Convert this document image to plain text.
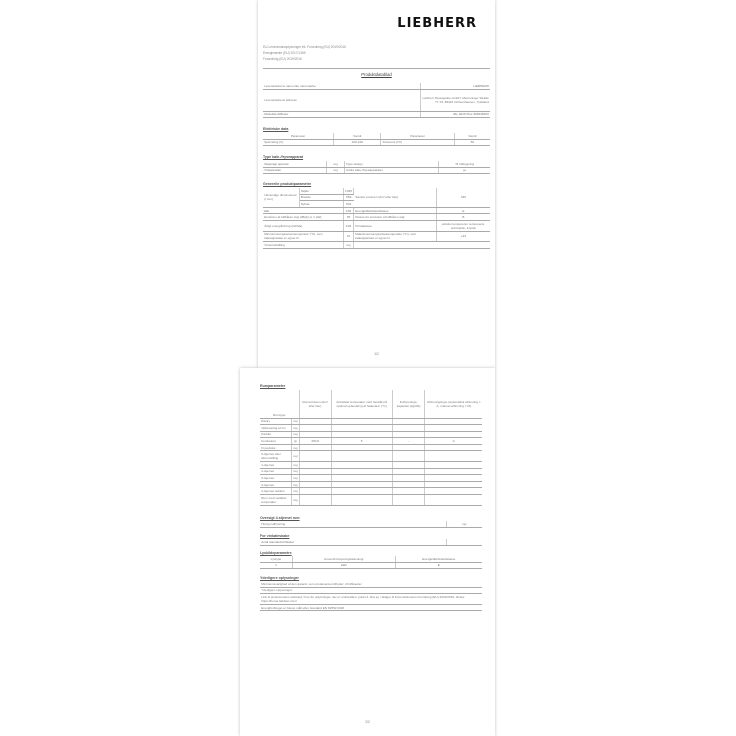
LIEBHERR
EU-Leverandøroplysninger iht. Forordning (EU) 2019/2016
Energimærke (EU) 2017/1369
Forordning (EU) 2019/2016
Produktdatablad
Leverandørens navn eller varemærke	LIEBHERR
Leverandørens adresse	Liebherr-Hausgeräte GmbH, Memminger Straße 77-79, 88416 Ochsenhausen, Tyskland
Modelidentifikator	IRe 4020 Plus 998338400
Elektriske data
Parameter	Værdi	Parameter	Værdi
Spænding (V)	220-240	Frekvens (Hz)	50
Type køle-/fryseapparat
Støjsvagt apparat	nej	Type design	Til indbygning
Vinkøleskab	nej	Andre køle-/fryseapparater	ja
Generelle produktparametre
Udvendige dimensioner (i mm)	Højde	1395	Samlet volumen (dm³ eller liter)	330
	Bredde	559		
	Dybde	544		
EEI		108	Energieffektivitetsklasse	E
Emission af luftbåren støj (dB(A) re 1 pW)		35	Klasse for emission af luftbåren støj	B
Årligt energiforbrug (kWh/a)		108	Klimaklasse	udvidet tempereret, tempereret, subtropisk, tropisk
Minimumsomgivelsestemperatur (°C), som køleapparatet er egnet til		10	Maksimumsomgivelsestemperatur (°C), som køleapparatet er egnet til	+43
Vinterindstilling		nej		
1/2
Rumparametre
Rumtype		Rumvolumen (dm³ eller liter)	Anbefalet temperatur med henblik på optimal opbevaring af fødevarer (°C)	Indfrysnings-kapacitet (kg/24t)	Afrimningstype (automatisk afrimning = A, manuel afrimning = M)
Pantry	nej				
Opbevaring af vin	nej				
Kælder	nej				
Ferskvarer	ja	330,8	5	-	A
Fryseboks	nej				
0-stjernet eller isfremstilling	nej				
1-stjernet	nej				
2-stjernet	nej				
3-stjernet	nej				
4-stjernet	nej				
2-stjernet sektion	nej				
Rum med variabel temperatur	nej				
Oversigt 4-stjernet rum
Hurtig indfrysning	nej
For vinkøleskabe
Antal standardvinflasker	
Lyskildeparametre
Lystype	Anvendt belysningsteknologi	Energieffektivitetsklasse
1	LED	E
Yderligere oplysninger
Minimumsvarighed af den garanti, som producenten tilbyder: 24 Måneder
Yderligere oplysninger:
Link til producentens websted, hvor de oplysninger, der er omhandlet i punkt 4, litra a), i bilaget til Kommissionens forordning (EU) 2019/2019, findes: https://home.liebherr.com/
Energiforbruget er blevet målt efter standard EN 62552:2020
2/2
